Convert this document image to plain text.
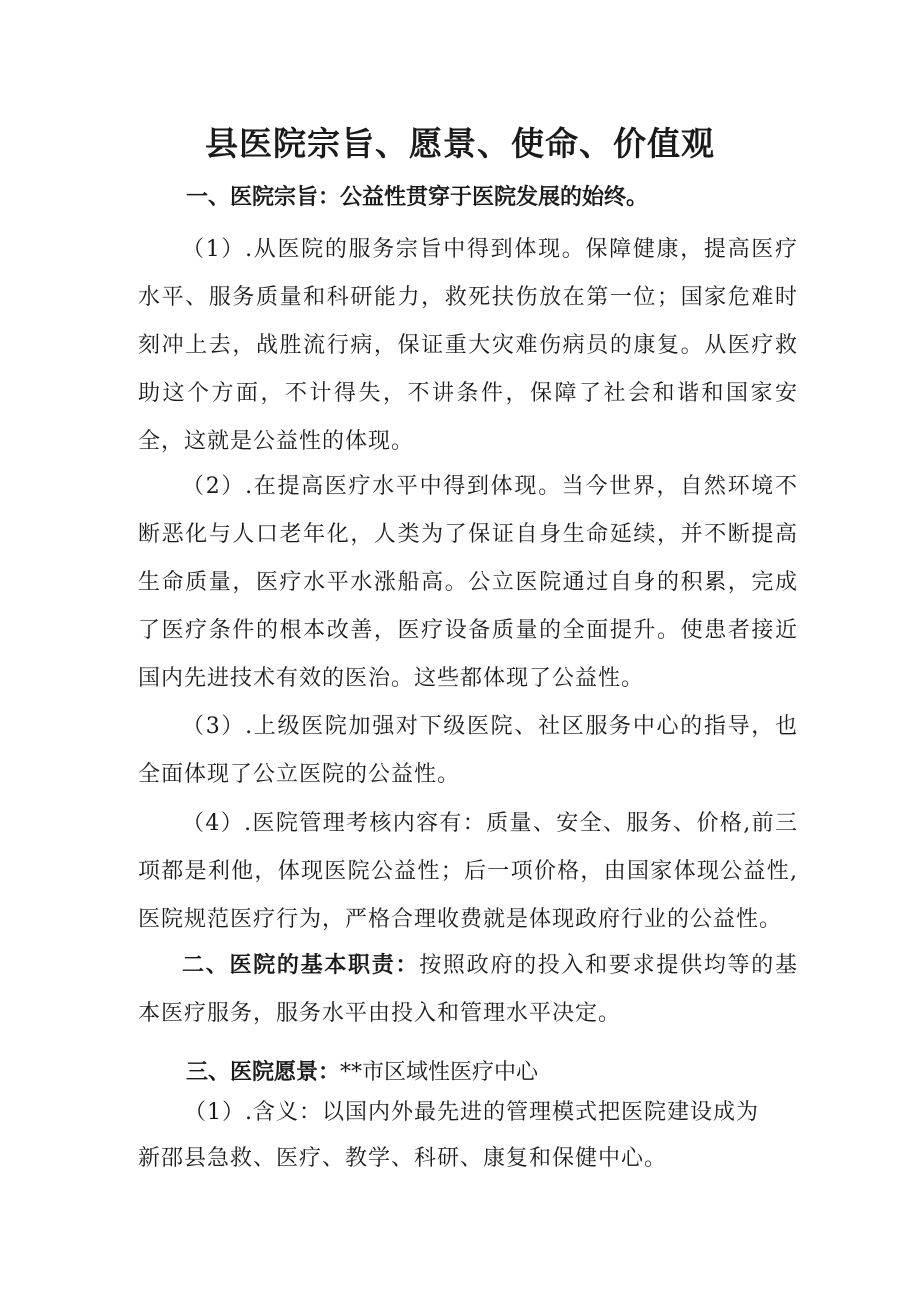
县医院宗旨、愿景、使命、价值观
一、医院宗旨：公益性贯穿于医院发展的始终。

（1）.从医院的服务宗旨中得到体现。保障健康，提高医疗水平、服务质量和科研能力，救死扶伤放在第一位；国家危难时刻冲上去，战胜流行病，保证重大灾难伤病员的康复。从医疗救助这个方面，不计得失，不讲条件，保障了社会和谐和国家安全，这就是公益性的体现。

（2）.在提高医疗水平中得到体现。当今世界，自然环境不断恶化与人口老年化，人类为了保证自身生命延续，并不断提高生命质量，医疗水平水涨船高。公立医院通过自身的积累，完成了医疗条件的根本改善，医疗设备质量的全面提升。使患者接近国内先进技术有效的医治。这些都体现了公益性。

（3）.上级医院加强对下级医院、社区服务中心的指导，也全面体现了公立医院的公益性。

（4）.医院管理考核内容有：质量、安全、服务、价格,前三项都是利他，体现医院公益性；后一项价格，由国家体现公益性,医院规范医疗行为，严格合理收费就是体现政府行业的公益性。

二、医院的基本职责：按照政府的投入和要求提供均等的基本医疗服务，服务水平由投入和管理水平决定。

三、医院愿景：**市区域性医疗中心

（1）.含义：以国内外最先进的管理模式把医院建设成为
新邵县急救、医疗、教学、科研、康复和保健中心。
